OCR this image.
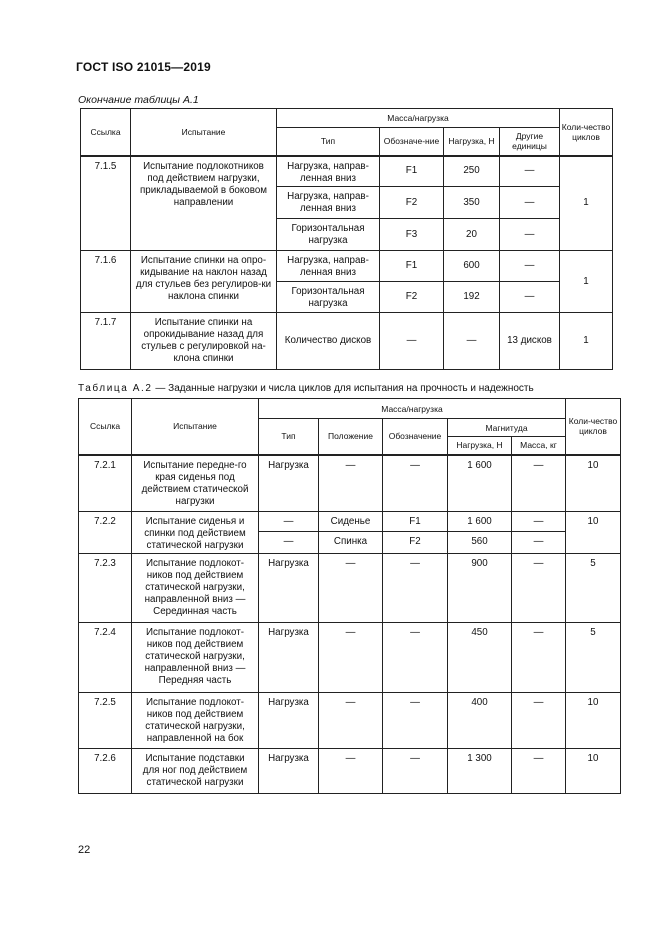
ГОСТ ISO 21015—2019
Окончание таблицы А.1
Ссылка	Испытание	Масса/нагрузка				Коли-чество циклов
		Тип	Обозначе-ние	Нагрузка, Н	Другие единицы	
7.1.5	Испытание подлокотников под действием нагрузки, прикладываемой в боковом направлении	Нагрузка, направ-ленная вниз	F1	250	—	1
		Нагрузка, направ-ленная вниз	F2	350	—	
		Горизонтальная нагрузка	F3	20	—	
7.1.6	Испытание спинки на опро-кидывание на наклон назад для стульев без регулиров-ки наклона спинки	Нагрузка, направ-ленная вниз	F1	600	—	1
		Горизонтальная нагрузка	F2	192	—	
7.1.7	Испытание спинки на опрокидывание назад для стульев с регулировкой на-клона спинки	Количество дисков	—	—	13 дисков	1
Таблица А.2 — Заданные нагрузки и числа циклов для испытания на прочность и надежность
Ссылка	Испытание	Масса/нагрузка					Коли-чество циклов
		Тип	Положение	Обозначение	Магнитуда		
					Нагрузка, Н	Масса, кг	
7.2.1	Испытание передне-го края сиденья под действием статической нагрузки	Нагрузка	—	—	1 600	—	10
7.2.2	Испытание сиденья и спинки под действием статической нагрузки	—	Сиденье	F1	1 600	—	10
		—	Спинка	F2	560	—	
7.2.3	Испытание подлокот-ников под действием статической нагрузки, направленной вниз — Серединная часть	Нагрузка	—	—	900	—	5
7.2.4	Испытание подлокот-ников под действием статической нагрузки, направленной вниз — Передняя часть	Нагрузка	—	—	450	—	5
7.2.5	Испытание подлокот-ников под действием статической нагрузки, направленной на бок	Нагрузка	—	—	400	—	10
7.2.6	Испытание подставки для ног под действием статической нагрузки	Нагрузка	—	—	1 300	—	10
22
